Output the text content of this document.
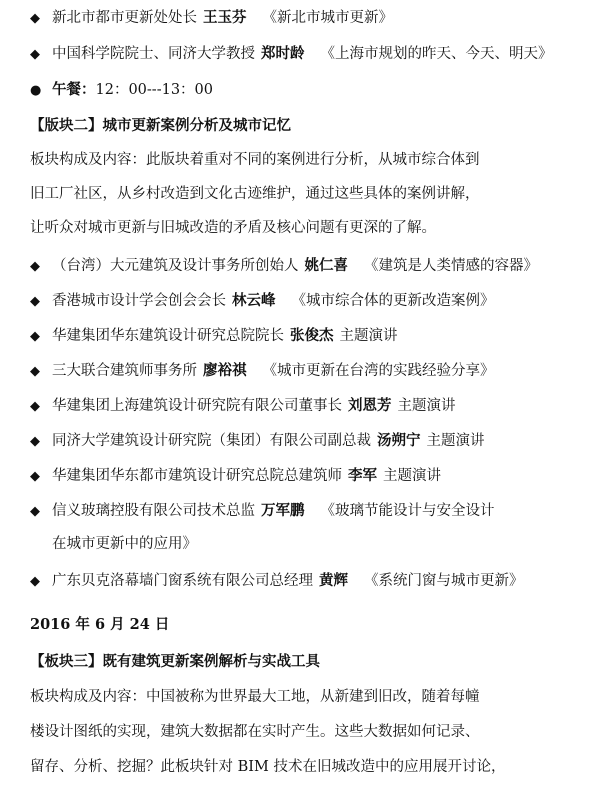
◆ 新北市都市更新处处长 王玉芬 《新北市城市更新》
◆ 中国科学院院士、同济大学教授 郑时龄 《上海市规划的昨天、今天、明天》
● 午餐：12：00---13：00
【版块二】城市更新案例分析及城市记忆
板块构成及内容：此版块着重对不同的案例进行分析，从城市综合体到
旧工厂社区，从乡村改造到文化古迹维护，通过这些具体的案例讲解，
让听众对城市更新与旧城改造的矛盾及核心问题有更深的了解。
◆ （台湾）大元建筑及设计事务所创始人 姚仁喜 《建筑是人类情感的容器》
◆ 香港城市设计学会创会会长 林云峰 《城市综合体的更新改造案例》
◆ 华建集团华东建筑设计研究总院院长 张俊杰 主题演讲
◆ 三大联合建筑师事务所 廖裕祺 《城市更新在台湾的实践经验分享》
◆ 华建集团上海建筑设计研究院有限公司董事长 刘恩芳 主题演讲
◆ 同济大学建筑设计研究院（集团）有限公司副总裁 汤朔宁 主题演讲
◆ 华建集团华东都市建筑设计研究总院总建筑师 李军 主题演讲
◆ 信义玻璃控股有限公司技术总监 万军鹏 《玻璃节能设计与安全设计
在城市更新中的应用》
◆ 广东贝克洛幕墙门窗系统有限公司总经理 黄辉 《系统门窗与城市更新》
2016 年 6 月 24 日
【板块三】既有建筑更新案例解析与实战工具
板块构成及内容：中国被称为世界最大工地，从新建到旧改，随着每幢
楼设计图纸的实现，建筑大数据都在实时产生。这些大数据如何记录、
留存、分析、挖掘？此板块针对 BIM 技术在旧城改造中的应用展开讨论，
